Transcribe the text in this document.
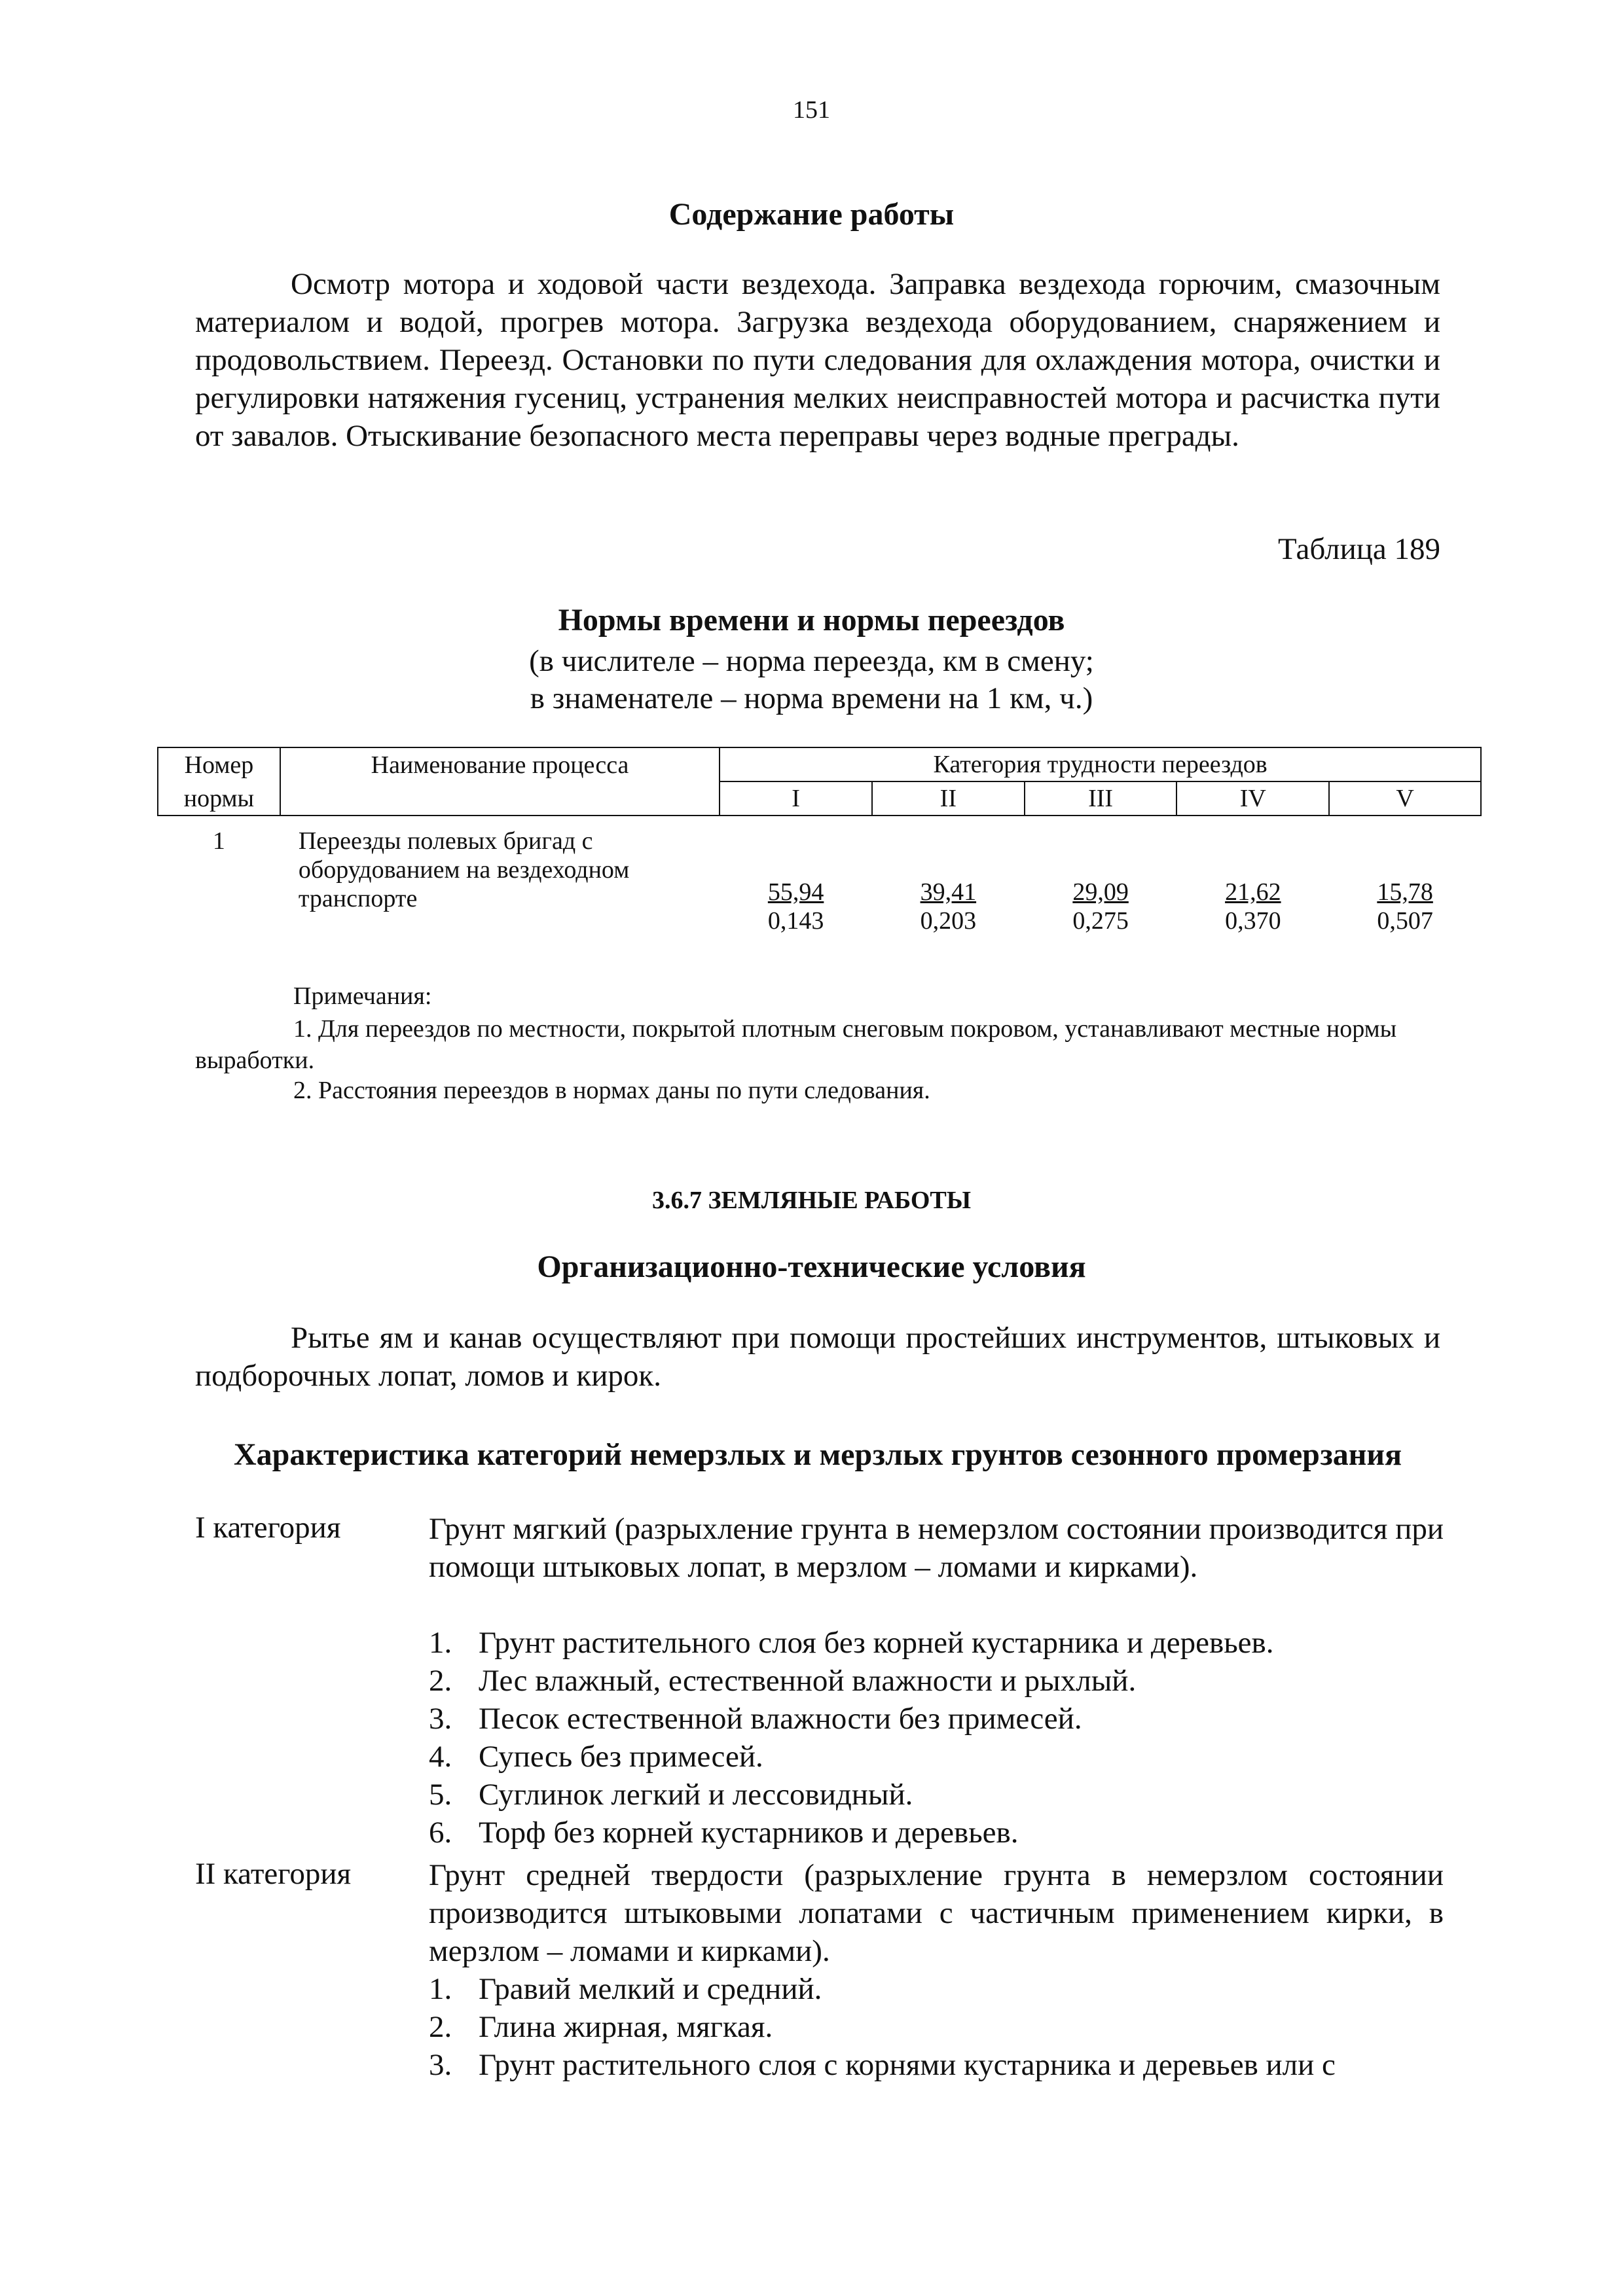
151
Содержание работы

Осмотр мотора и ходовой части вездехода. Заправка вездехода горючим, смазочным материалом и водой, прогрев мотора. Загрузка вездехода оборудованием, снаряжением и продовольствием. Переезд. Остановки по пути следования для охлаждения мотора, очистки и регулировки натяжения гусениц, устранения мелких неисправностей мотора и расчистка пути от завалов. Отыскивание безопасного места переправы через водные преграды.

Таблица 189
Нормы времени и нормы переездов
(в числителе – норма переезда, км в смену;
в знаменателе – норма времени на 1 км, ч.)
Номер	Наименование процесса	Категория трудности переездов				
нормы		I	II	III	IV	V
1	Переезды полевых бригад с оборудованием на вездеходном транспорте	$\frac{55,94}{0,143}$	$\frac{39,41}{0,203}$	$\frac{29,09}{0,275}$	$\frac{21,62}{0,370}$	$\frac{15,78}{0,507}$
Примечания:
1. Для переездов по местности, покрытой плотным снеговым покровом, устанавливают местные нормы выработки.
2. Расстояния переездов в нормах даны по пути следования.
3.6.7 ЗЕМЛЯНЫЕ РАБОТЫ
Организационно-технические условия

Рытье ям и канав осуществляют при помощи простейших инструментов, штыковых и подборочных лопат, ломов и кирок.

Характеристика категорий немерзлых и мерзлых грунтов сезонного промерзания
I категория	Грунт мягкий (разрыхление грунта в немерзлом состоянии производится при помощи штыковых лопат, в мерзлом – ломами и кирками).

1. Грунт растительного слоя без корней кустарника и деревьев.
2. Лес влажный, естественной влажности и рыхлый.
3. Песок естественной влажности без примесей.
4. Супесь без примесей.
5. Суглинок легкий и лессовидный.
6. Торф без корней кустарников и деревьев.
II категория	Грунт средней твердости (разрыхление грунта в немерзлом состоянии производится штыковыми лопатами с частичным применением кирки, в мерзлом – ломами и кирками).

1. Гравий мелкий и средний.
2. Глина жирная, мягкая.
3. Грунт растительного слоя с корнями кустарника и деревьев или с
